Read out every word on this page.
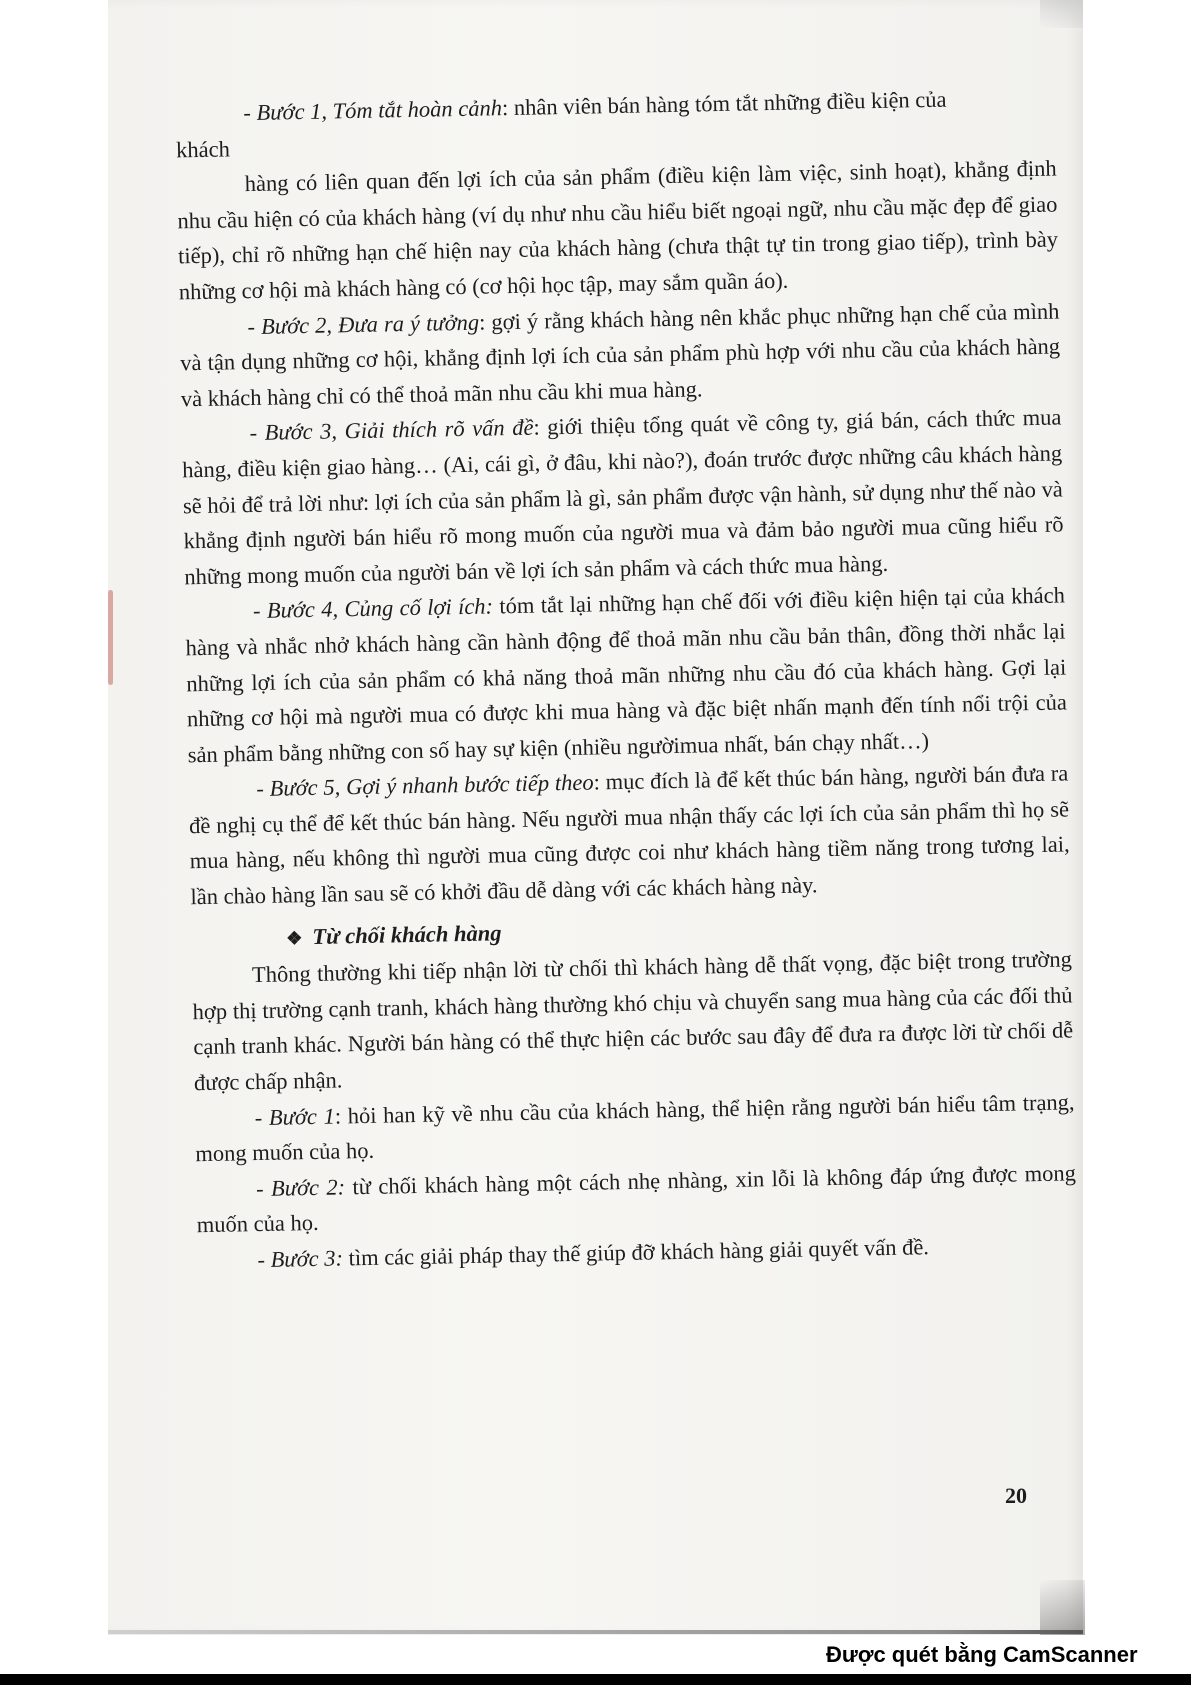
- Bước 1, Tóm tắt hoàn cảnh: nhân viên bán hàng tóm tắt những điều kiện của

khách

hàng có liên quan đến lợi ích của sản phẩm (điều kiện làm việc, sinh hoạt), khẳng định nhu cầu hiện có của khách hàng (ví dụ như nhu cầu hiểu biết ngoại ngữ, nhu cầu mặc đẹp để giao tiếp), chỉ rõ những hạn chế hiện nay của khách hàng (chưa thật tự tin trong giao tiếp), trình bày những cơ hội mà khách hàng có (cơ hội học tập, may sắm quần áo).

- Bước 2, Đưa ra ý tưởng: gợi ý rằng khách hàng nên khắc phục những hạn chế của mình và tận dụng những cơ hội, khẳng định lợi ích của sản phẩm phù hợp với nhu cầu của khách hàng và khách hàng chỉ có thể thoả mãn nhu cầu khi mua hàng.

- Bước 3, Giải thích rõ vấn đề: giới thiệu tổng quát về công ty, giá bán, cách thức mua hàng, điều kiện giao hàng… (Ai, cái gì, ở đâu, khi nào?), đoán trước được những câu khách hàng sẽ hỏi để trả lời như: lợi ích của sản phẩm là gì, sản phẩm được vận hành, sử dụng như thế nào và khẳng định người bán hiểu rõ mong muốn của người mua và đảm bảo người mua cũng hiểu rõ những mong muốn của người bán về lợi ích sản phẩm và cách thức mua hàng.

- Bước 4, Củng cố lợi ích: tóm tắt lại những hạn chế đối với điều kiện hiện tại của khách hàng và nhắc nhở khách hàng cần hành động để thoả mãn nhu cầu bản thân, đồng thời nhắc lại những lợi ích của sản phẩm có khả năng thoả mãn những nhu cầu đó của khách hàng. Gợi lại những cơ hội mà người mua có được khi mua hàng và đặc biệt nhấn mạnh đến tính nổi trội của sản phẩm bằng những con số hay sự kiện (nhiều ngườimua nhất, bán chạy nhất…)

- Bước 5, Gợi ý nhanh bước tiếp theo: mục đích là để kết thúc bán hàng, người bán đưa ra đề nghị cụ thể để kết thúc bán hàng. Nếu người mua nhận thấy các lợi ích của sản phẩm thì họ sẽ mua hàng, nếu không thì người mua cũng được coi như khách hàng tiềm năng trong tương lai, lần chào hàng lần sau sẽ có khởi đầu dễ dàng với các khách hàng này.

❖ Từ chối khách hàng

Thông thường khi tiếp nhận lời từ chối thì khách hàng dễ thất vọng, đặc biệt trong trường hợp thị trường cạnh tranh, khách hàng thường khó chịu và chuyển sang mua hàng của các đối thủ cạnh tranh khác. Người bán hàng có thể thực hiện các bước sau đây để đưa ra được lời từ chối dễ được chấp nhận.

- Bước 1: hỏi han kỹ về nhu cầu của khách hàng, thể hiện rằng người bán hiểu tâm trạng, mong muốn của họ.

- Bước 2: từ chối khách hàng một cách nhẹ nhàng, xin lỗi là không đáp ứng được mong muốn của họ.

- Bước 3: tìm các giải pháp thay thế giúp đỡ khách hàng giải quyết vấn đề.

20
Được quét bằng CamScanner
